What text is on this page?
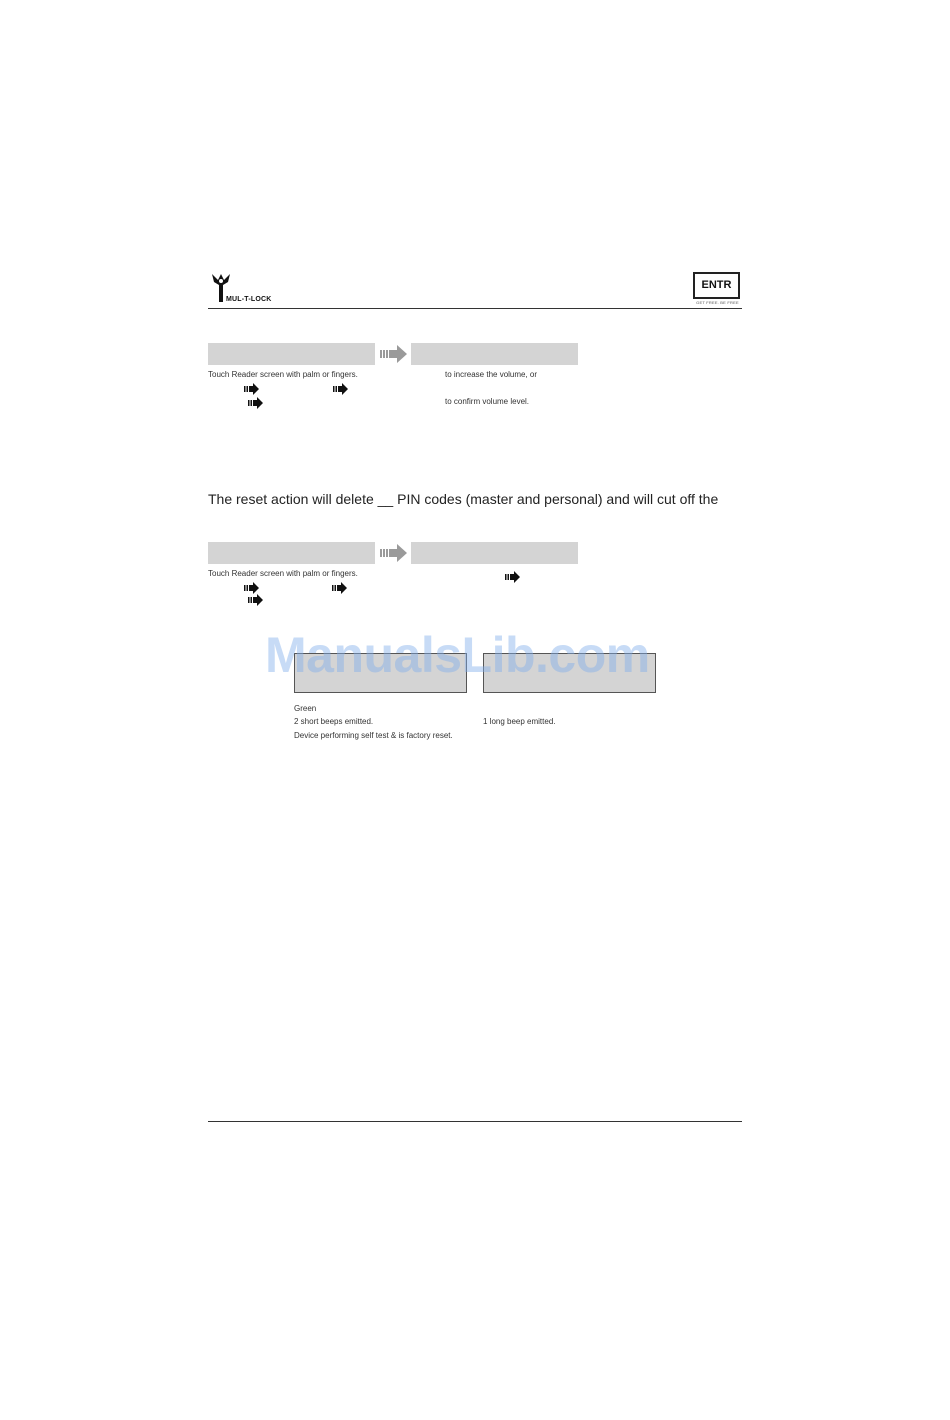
MUL-T-LOCK
ENTR
GET FREE. BE FREE
Touch Reader screen with palm or fingers.	to increase the volume, or
to confirm volume level.
The reset action will delete __ PIN codes (master and personal) and will cut off the
Touch Reader screen with palm or fingers.
ManualsLib.com
Green
2 short beeps emitted.	1 long beep emitted.
Device performing self test & is factory reset.
